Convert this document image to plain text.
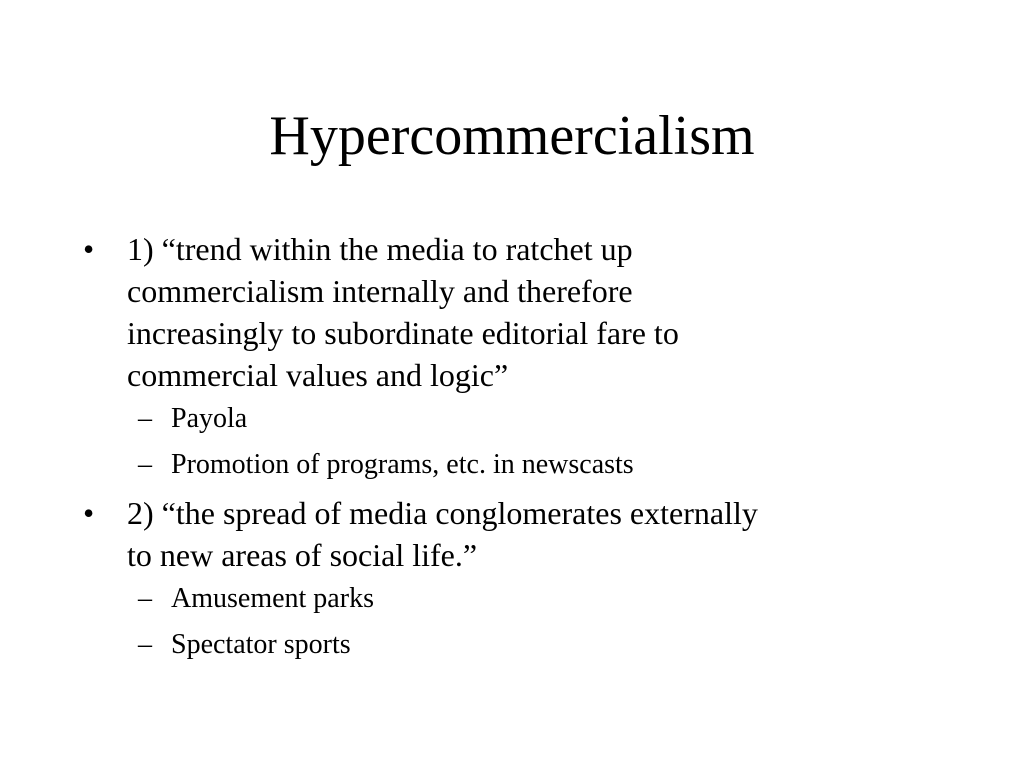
Hypercommercialism
•	1) “trend within the media to ratchet up
commercialism internally and therefore
increasingly to subordinate editorial fare to
commercial values and logic”
– Payola
– Promotion of programs, etc. in newscasts
•	2) “the spread of media conglomerates externally
to new areas of social life.”
– Amusement parks
– Spectator sports
